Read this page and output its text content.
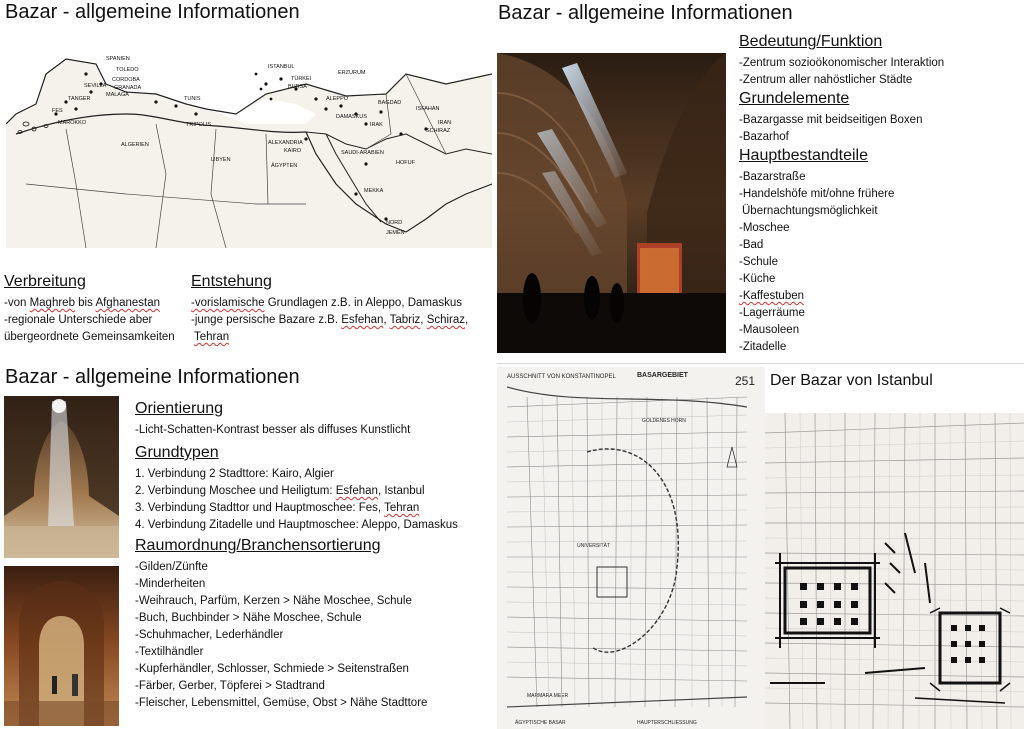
Bazar - allgemeine Informationen
SPANIEN
TOLEDO
CORDOBA
SEVILLA GRANADA
MALAGA
TANGER
FES
MAROKKO
ALGERIEN
LIBYEN
ÄGYPTEN
SAUDI-ARABIEN
IRAK	IRAN
TÜRKEI
ISTANBUL
BURSA
ERZURUM
KAIRO
ALEXANDRIA
TUNIS
TRIPOLIS
DAMASKUS
ALEPPO
BAGDAD
ISFAHAN
SCHIRAZ
MEKKA
JEMEN
HOFUF
NORD
Verbreitung
-von Maghreb bis Afghanestan
-regionale Unterschiede aber
übergeordnete Gemeinsamkeiten
Entstehung
-vorislamische Grundlagen z.B. in Aleppo, Damaskus
-junge persische Bazare z.B. Esfehan, Tabriz, Schiraz,
Tehran
Bazar - allgemeine Informationen
Bedeutung/Funktion
-Zentrum sozioökonomischer Interaktion
-Zentrum aller nahöstlicher Städte
Grundelemente
-Bazargasse mit beidseitigen Boxen
-Bazarhof
Hauptbestandteile
-Bazarstraße
-Handelshöfe mit/ohne frühere
Übernachtungsmöglichkeit
-Moschee
-Bad
-Schule
-Küche
-Kaffestuben
-Lagerräume
-Mausoleen
-Zitadelle
Bazar - allgemeine Informationen
Orientierung
-Licht-Schatten-Kontrast besser als diffuses Kunstlicht
Grundtypen
1. Verbindung 2 Stadttore: Kairo, Algier
2. Verbindung Moschee und Heiligtum: Esfehan, Istanbul
3. Verbindung Stadttor und Hauptmoschee: Fes, Tehran
4. Verbindung Zitadelle und Hauptmoschee: Aleppo, Damaskus
Raumordnung/Branchensortierung
-Gilden/Zünfte
-Minderheiten
-Weihrauch, Parfüm, Kerzen > Nähe Moschee, Schule
-Buch, Buchbinder > Nähe Moschee, Schule
-Schuhmacher, Lederhändler
-Textilhändler
-Kupferhändler, Schlosser, Schmiede > Seitenstraßen
-Färber, Gerber, Töpferei > Stadtrand
-Fleischer, Lebensmittel, Gemüse, Obst > Nähe Stadttore
AUSSCHNITT VON KONSTANTINOPEL	BASARGEBIET	251
GOLDENES HORN
UNIVERSITÄT
MARMARA MEER
ÄGYPTISCHE BASAR	HAUPTERSCHLIESSUNG
Der Bazar von Istanbul
